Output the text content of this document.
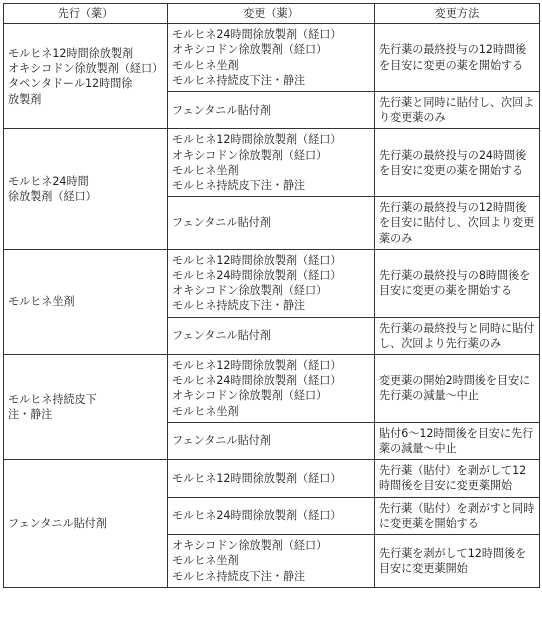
先行（薬）	変更（薬）	変更方法

モルヒネ12時間徐放製剤
オキシコドン徐放製剤（経口）
タペンタドール12時間徐
放製剤	モルヒネ24時間徐放製剤（経口）
オキシコドン徐放製剤（経口）
モルヒネ坐剤
モルヒネ持続皮下注・静注	先行薬の最終投与の12時間後を目安に変更の薬を開始する

	フェンタニル貼付剤	先行薬と同時に貼付し、次回より変更薬のみ

モルヒネ24時間
徐放製剤（経口）	モルヒネ12時間徐放製剤（経口）
オキシコドン徐放製剤（経口）
モルヒネ坐剤
モルヒネ持続皮下注・静注	先行薬の最終投与の24時間後を目安に変更の薬を開始する

	フェンタニル貼付剤	先行薬の最終投与の12時間後を目安に貼付し、次回より変更薬のみ

モルヒネ坐剤	モルヒネ12時間徐放製剤（経口）
モルヒネ24時間徐放製剤（経口）
オキシコドン徐放製剤（経口）
モルヒネ持続皮下注・静注	先行薬の最終投与の8時間後を目安に変更の薬を開始する

	フェンタニル貼付剤	先行薬の最終投与と同時に貼付し、次回より先行薬のみ

モルヒネ持続皮下
注・静注	モルヒネ12時間徐放製剤（経口）
モルヒネ24時間徐放製剤（経口）
オキシコドン徐放製剤（経口）
モルヒネ坐剤	変更薬の開始2時間後を目安に先行薬の減量～中止

	フェンタニル貼付剤	貼付6～12時間後を目安に先行薬の減量～中止

フェンタニル貼付剤	モルヒネ12時間徐放製剤（経口）	先行薬（貼付）を剥がして12時間後を目安に変更薬開始

	モルヒネ24時間徐放製剤（経口）	先行薬（貼付）を剥がすと同時に変更薬を開始する

	オキシコドン徐放製剤（経口）
モルヒネ坐剤
モルヒネ持続皮下注・静注	先行薬を剥がして12時間後を目安に変更薬開始
